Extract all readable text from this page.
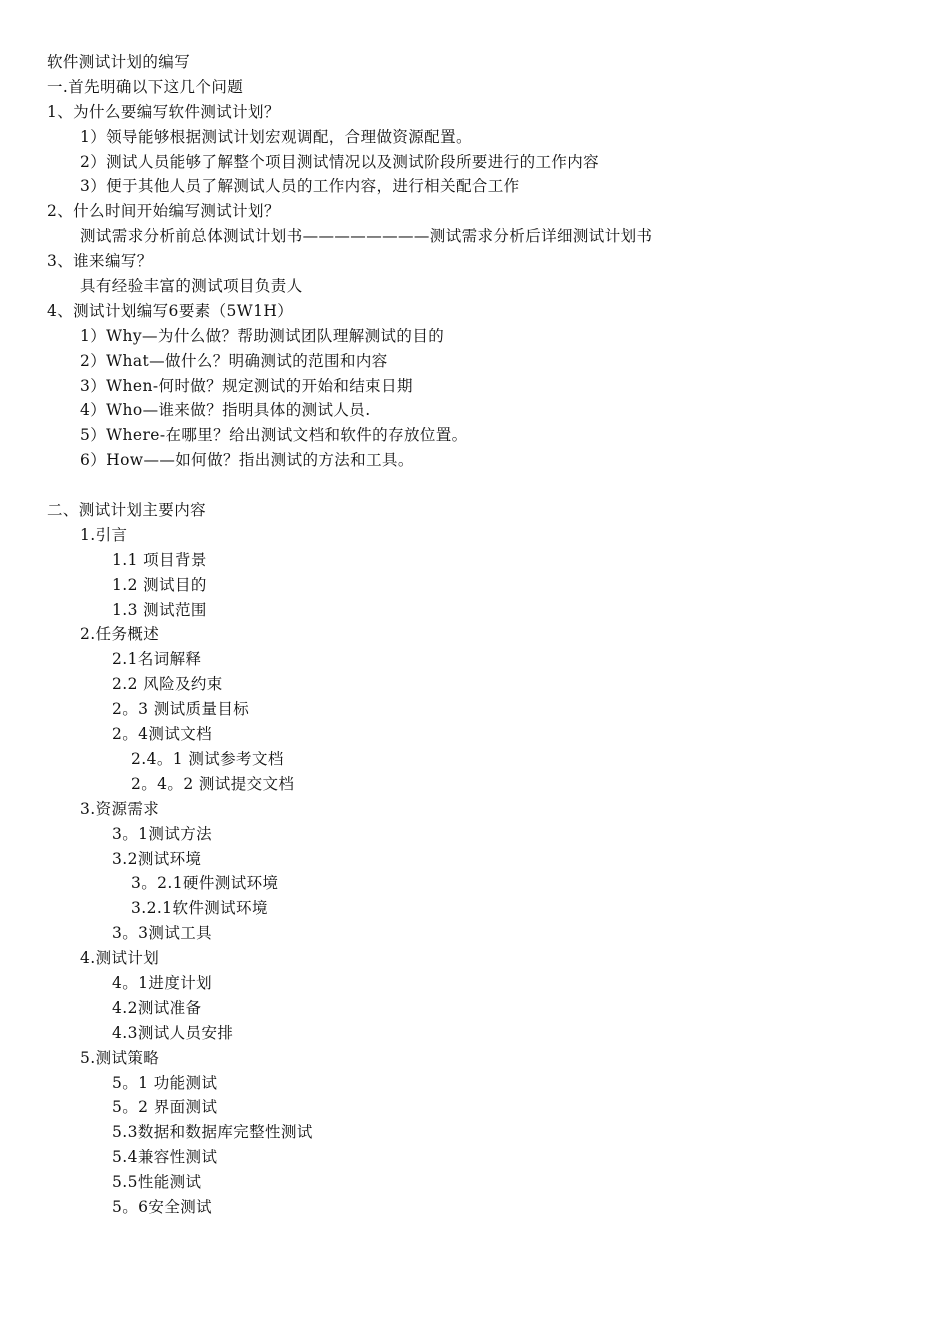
软件测试计划的编写
一.首先明确以下这几个问题
1、为什么要编写软件测试计划？
1）领导能够根据测试计划宏观调配，合理做资源配置。
2）测试人员能够了解整个项目测试情况以及测试阶段所要进行的工作内容
3）便于其他人员了解测试人员的工作内容，进行相关配合工作
2、什么时间开始编写测试计划？
测试需求分析前总体测试计划书————————测试需求分析后详细测试计划书
3、谁来编写？
具有经验丰富的测试项目负责人
4、测试计划编写6要素（5W1H）
1）Why—为什么做？帮助测试团队理解测试的目的
2）What—做什么？明确测试的范围和内容
3）When-何时做？规定测试的开始和结束日期
4）Who—谁来做？指明具体的测试人员.
5）Where-在哪里？给出测试文档和软件的存放位置。
6）How——如何做？指出测试的方法和工具。
二、测试计划主要内容
1.引言
1.1 项目背景
1.2 测试目的
1.3 测试范围
2.任务概述
2.1名词解释
2.2 风险及约束
2。3 测试质量目标
2。4测试文档
2.4。1 测试参考文档
2。4。2 测试提交文档
3.资源需求
3。1测试方法
3.2测试环境
3。2.1硬件测试环境
3.2.1软件测试环境
3。3测试工具
4.测试计划
4。1进度计划
4.2测试准备
4.3测试人员安排
5.测试策略
5。1 功能测试
5。2 界面测试
5.3数据和数据库完整性测试
5.4兼容性测试
5.5性能测试
5。6安全测试
